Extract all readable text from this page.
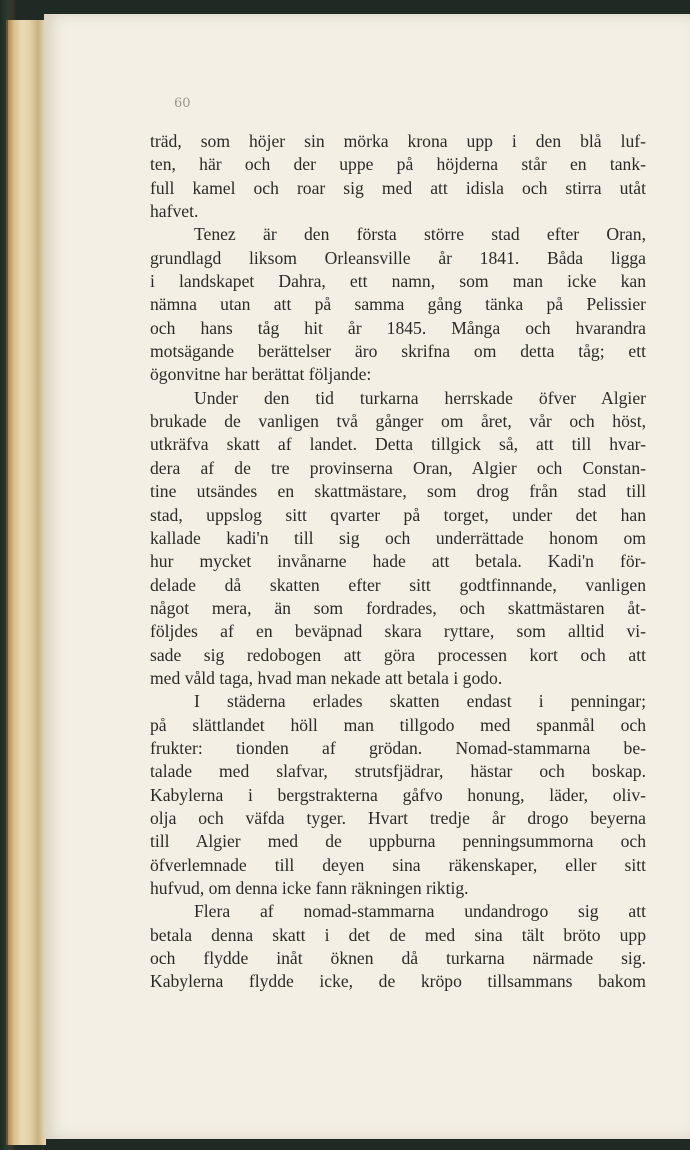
60
träd, som höjer sin mörka krona upp i den blå luf-
ten, här och der uppe på höjderna står en tank-
full kamel och roar sig med att idisla och stirra utåt
hafvet.
Tenez är den första större stad efter Oran,
grundlagd liksom Orleansville år 1841. Båda ligga
i landskapet Dahra, ett namn, som man icke kan
nämna utan att på samma gång tänka på Pelissier
och hans tåg hit år 1845. Många och hvarandra
motsägande berättelser äro skrifna om detta tåg; ett
ögonvitne har berättat följande:
Under den tid turkarna herrskade öfver Algier
brukade de vanligen två gånger om året, vår och höst,
utkräfva skatt af landet. Detta tillgick så, att till hvar-
dera af de tre provinserna Oran, Algier och Constan-
tine utsändes en skattmästare, som drog från stad till
stad, uppslog sitt qvarter på torget, under det han
kallade kadi'n till sig och underrättade honom om
hur mycket invånarne hade att betala. Kadi'n för-
delade då skatten efter sitt godtfinnande, vanligen
något mera, än som fordrades, och skattmästaren åt-
följdes af en beväpnad skara ryttare, som alltid vi-
sade sig redobogen att göra processen kort och att
med våld taga, hvad man nekade att betala i godo.
I städerna erlades skatten endast i penningar;
på slättlandet höll man tillgodo med spanmål och
frukter: tionden af grödan. Nomad-stammarna be-
talade med slafvar, strutsfjädrar, hästar och boskap.
Kabylerna i bergstrakterna gåfvo honung, läder, oliv-
olja och väfda tyger. Hvart tredje år drogo beyerna
till Algier med de uppburna penningsummorna och
öfverlemnade till deyen sina räkenskaper, eller sitt
hufvud, om denna icke fann räkningen riktig.
Flera af nomad-stammarna undandrogo sig att
betala denna skatt i det de med sina tält bröto upp
och flydde inåt öknen då turkarna närmade sig.
Kabylerna flydde icke, de kröpo tillsammans bakom
